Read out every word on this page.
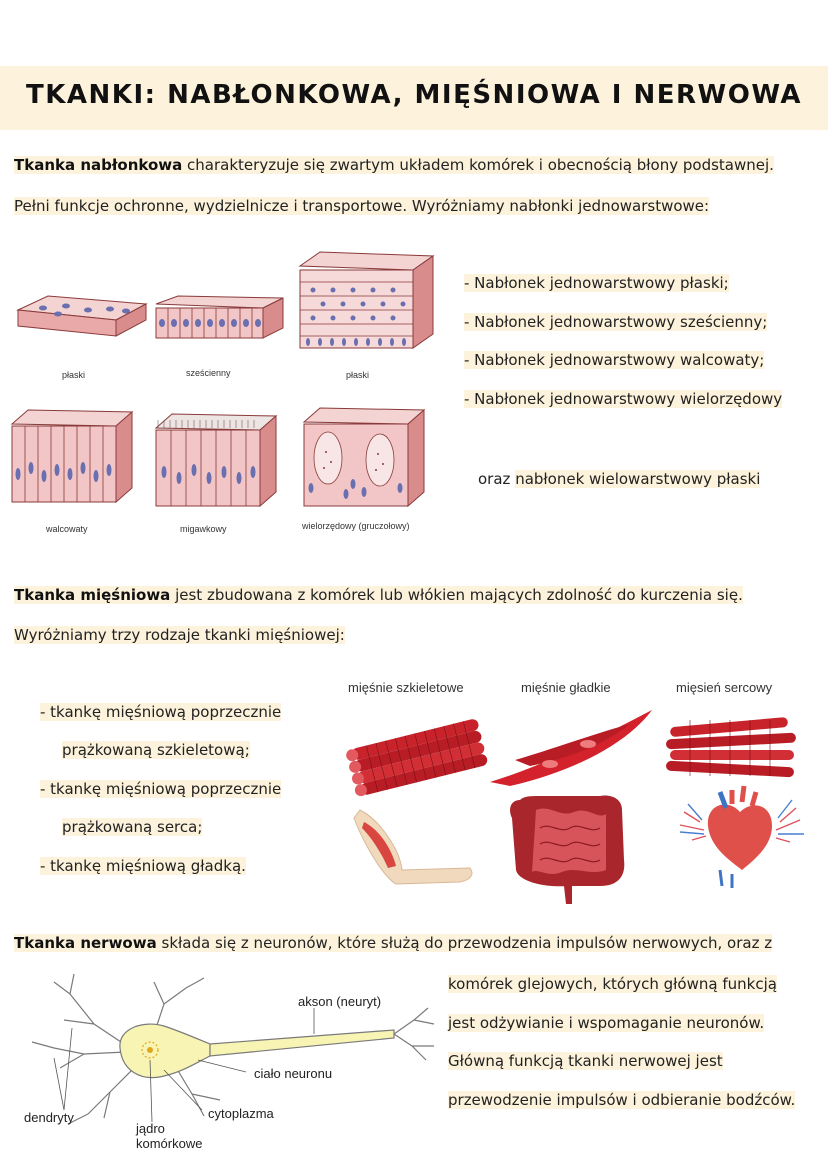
TKANKI: NABŁONKOWA, MIĘŚNIOWA I NERWOWA
Tkanka nabłonkowa charakteryzuje się zwartym układem komórek i obecnością błony podstawnej.
Pełni funkcje ochronne, wydzielnicze i transportowe. Wyróżniamy nabłonki jednowarstwowe:
płaski	sześcienny	płaski
walcowaty	migawkowy	wielorzędowy (gruczołowy)
- Nabłonek jednowarstwowy płaski;
- Nabłonek jednowarstwowy sześcienny;
- Nabłonek jednowarstwowy walcowaty;
- Nabłonek jednowarstwowy wielorzędowy
oraz nabłonek wielowarstwowy płaski
Tkanka mięśniowa jest zbudowana z komórek lub włókien mających zdolność do kurczenia się.
Wyróżniamy trzy rodzaje tkanki mięśniowej:
- tkankę mięśniową poprzecznie
prążkowaną szkieletową;
- tkankę mięśniową poprzecznie
prążkowaną serca;
- tkankę mięśniową gładką.
mięśnie szkieletowe	mięśnie gładkie	mięsień sercowy
Tkanka nerwowa składa się z neuronów, które służą do przewodzenia impulsów nerwowych, oraz z
komórek glejowych, których główną funkcją
jest odżywianie i wspomaganie neuronów.
Główną funkcją tkanki nerwowej jest
przewodzenie impulsów i odbieranie bodźców.
akson (neuryt)
ciało neuronu
dendryty	cytoplazma
jądro komórkowe
